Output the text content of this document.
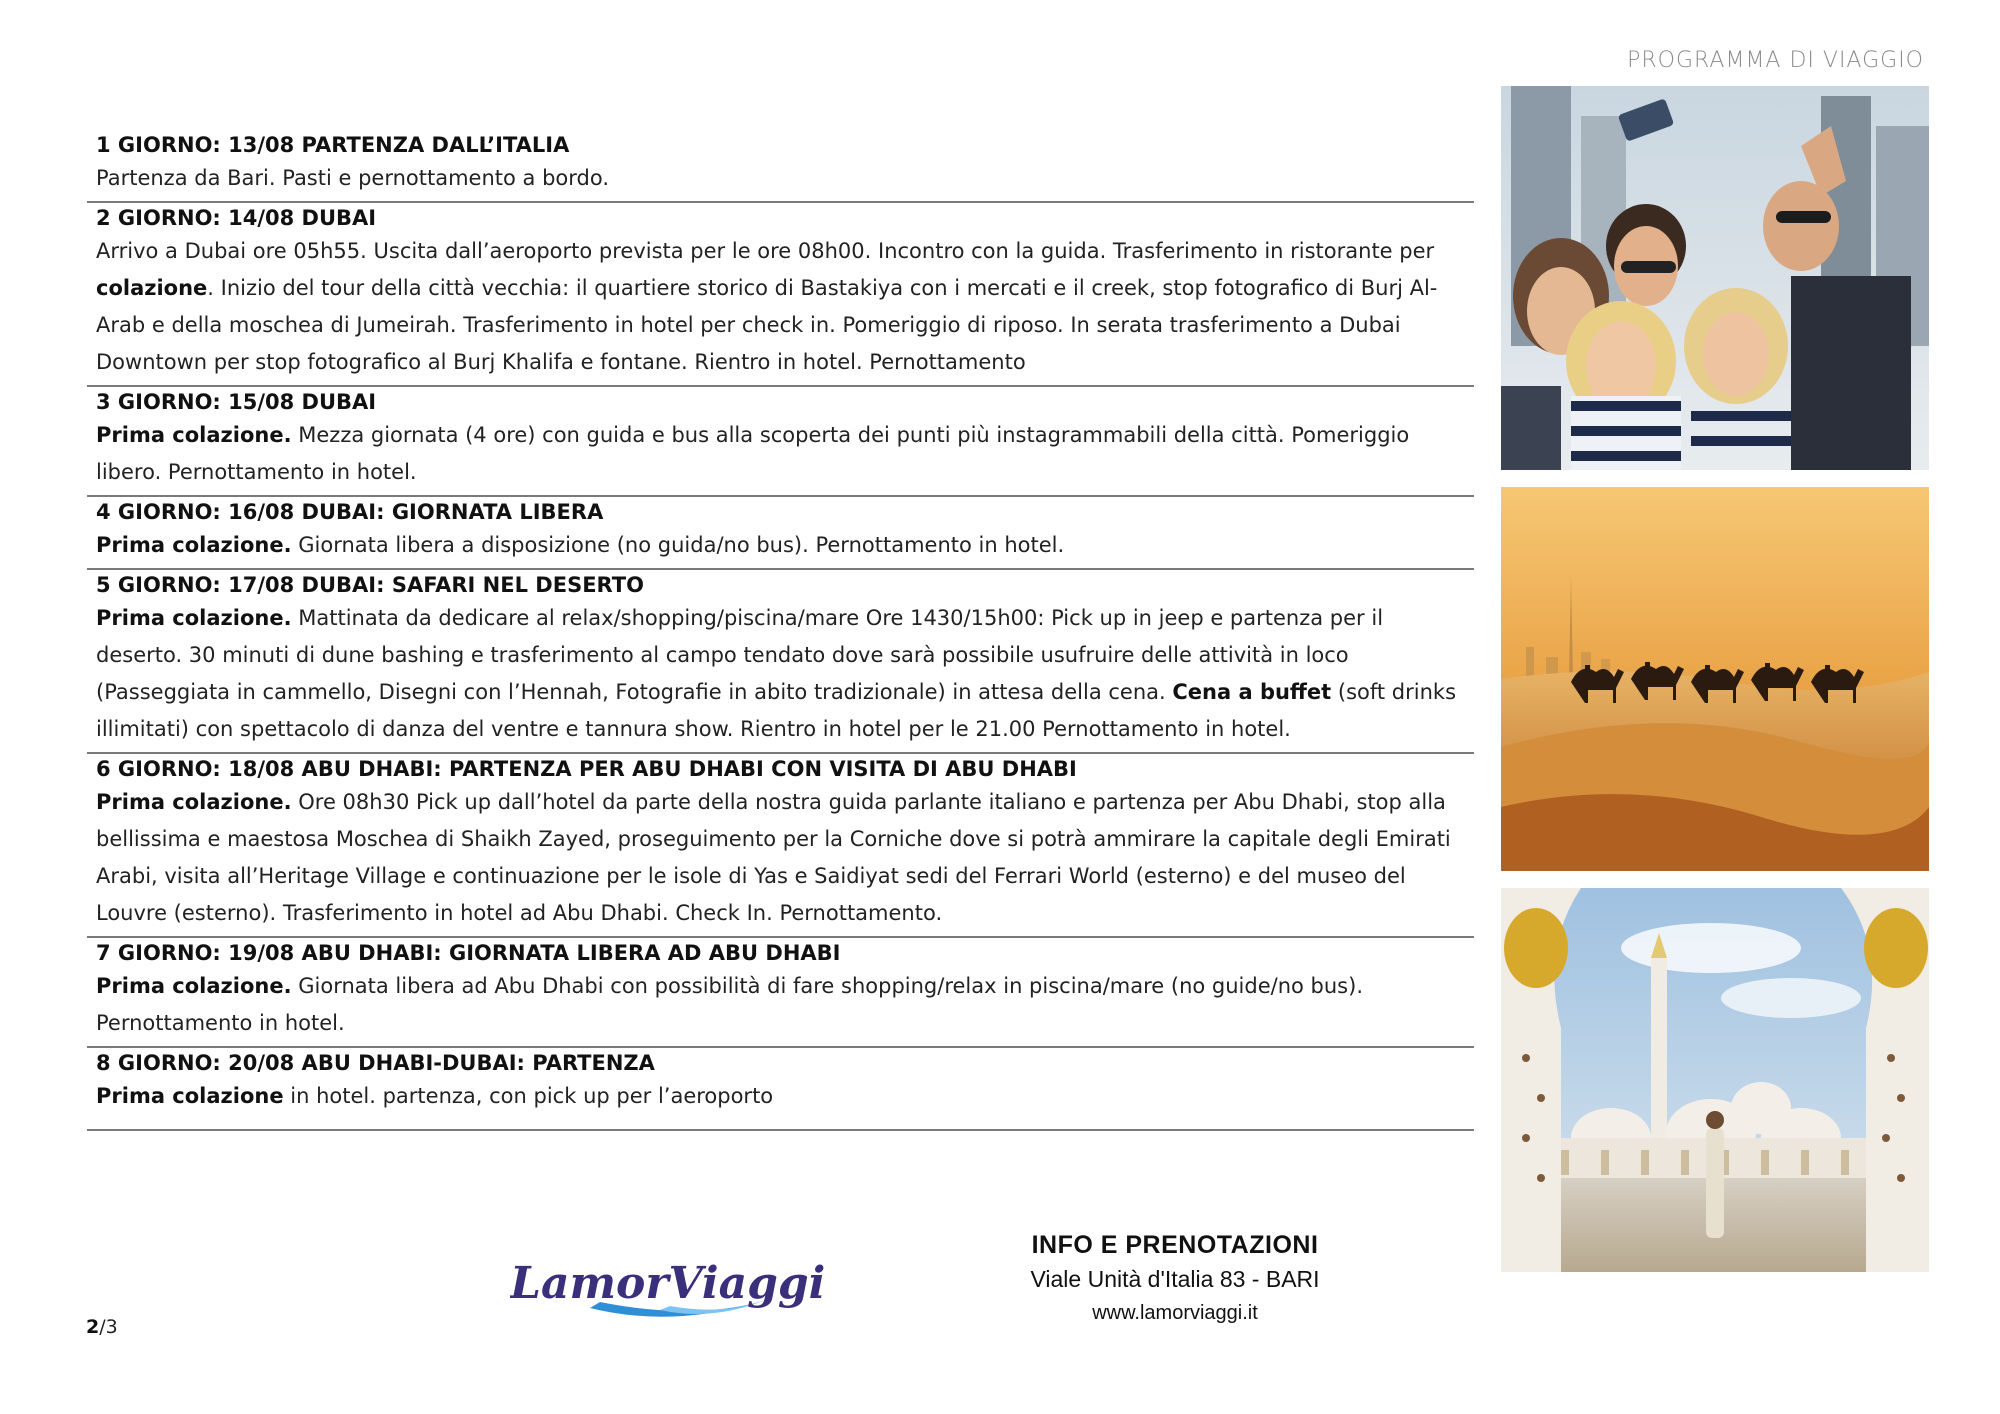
PROGRAMMA DI VIAGGIO

1 GIORNO: 13/08 PARTENZA DALL’ITALIA

Partenza da Bari. Pasti e pernottamento a bordo.

2 GIORNO: 14/08 DUBAI

Arrivo a Dubai ore 05h55. Uscita dall’aeroporto prevista per le ore 08h00. Incontro con la guida. Trasferimento in ristorante per colazione. Inizio del tour della città vecchia: il quartiere storico di Bastakiya con i mercati e il creek, stop fotografico di Burj Al-Arab e della moschea di Jumeirah. Trasferimento in hotel per check in. Pomeriggio di riposo. In serata trasferimento a Dubai Downtown per stop fotografico al Burj Khalifa e fontane. Rientro in hotel. Pernottamento

3 GIORNO: 15/08 DUBAI

Prima colazione. Mezza giornata (4 ore) con guida e bus alla scoperta dei punti più instagrammabili della città. Pomeriggio libero. Pernottamento in hotel.

4 GIORNO: 16/08 DUBAI: GIORNATA LIBERA

Prima colazione. Giornata libera a disposizione (no guida/no bus). Pernottamento in hotel.

5 GIORNO: 17/08 DUBAI: SAFARI NEL DESERTO

Prima colazione. Mattinata da dedicare al relax/shopping/piscina/mare Ore 1430/15h00: Pick up in jeep e partenza per il deserto. 30 minuti di dune bashing e trasferimento al campo tendato dove sarà possibile usufruire delle attività in loco (Passeggiata in cammello, Disegni con l’Hennah, Fotografie in abito tradizionale) in attesa della cena. Cena a buffet (soft drinks illimitati) con spettacolo di danza del ventre e tannura show. Rientro in hotel per le 21.00 Pernottamento in hotel.

6 GIORNO: 18/08 ABU DHABI: PARTENZA PER ABU DHABI CON VISITA DI ABU DHABI

Prima colazione. Ore 08h30 Pick up dall’hotel da parte della nostra guida parlante italiano e partenza per Abu Dhabi, stop alla bellissima e maestosa Moschea di Shaikh Zayed, proseguimento per la Corniche dove si potrà ammirare la capitale degli Emirati Arabi, visita all’Heritage Village e continuazione per le isole di Yas e Saidiyat sedi del Ferrari World (esterno) e del museo del Louvre (esterno). Trasferimento in hotel ad Abu Dhabi. Check In. Pernottamento.

7 GIORNO: 19/08 ABU DHABI: GIORNATA LIBERA AD ABU DHABI

Prima colazione. Giornata libera ad Abu Dhabi con possibilità di fare shopping/relax in piscina/mare (no guide/no bus). Pernottamento in hotel.

8 GIORNO: 20/08 ABU DHABI-DUBAI: PARTENZA

Prima colazione in hotel. partenza, con pick up per l’aeroporto

LamorViaggi
INFO E PRENOTAZIONI
Viale Unità d'Italia 83 - BARI
www.lamorviaggi.it
2/3
